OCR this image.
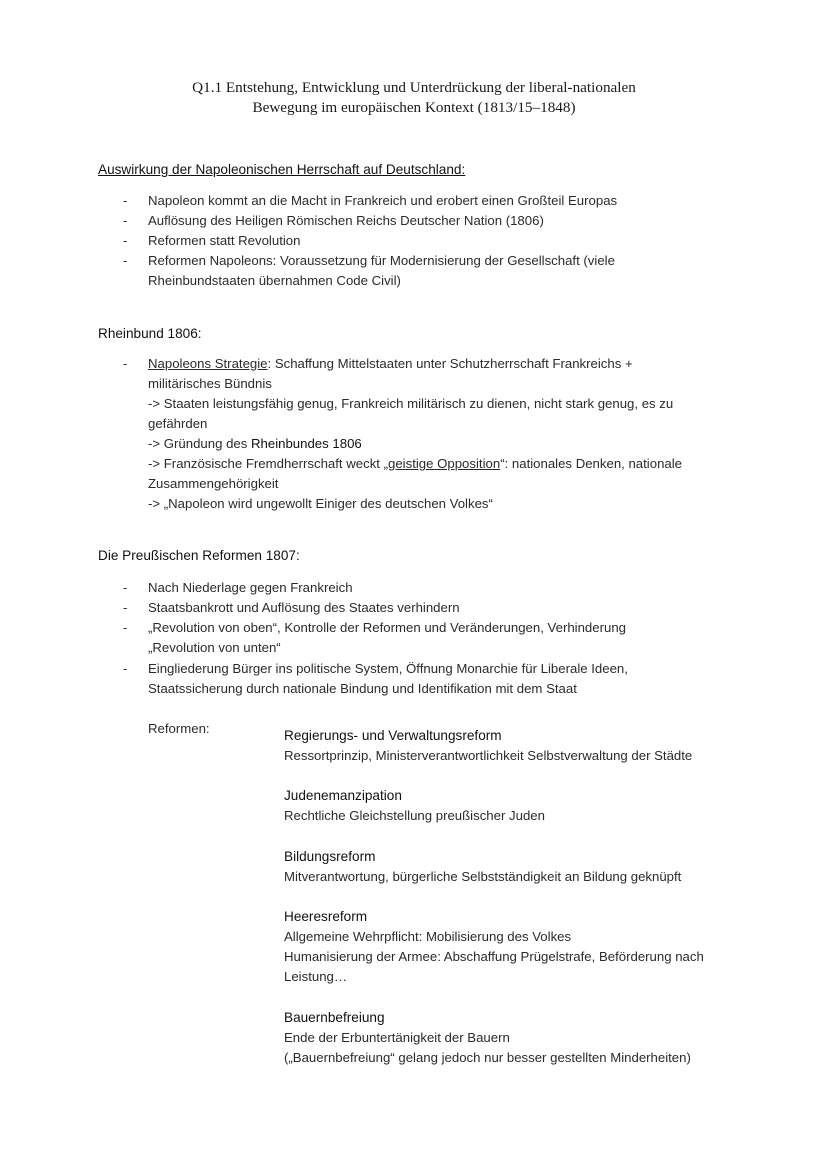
Q1.1 Entstehung, Entwicklung und Unterdrückung der liberal-nationalen
Bewegung im europäischen Kontext (1813/15–1848)
Auswirkung der Napoleonischen Herrschaft auf Deutschland:
- Napoleon kommt an die Macht in Frankreich und erobert einen Großteil Europas
- Auflösung des Heiligen Römischen Reichs Deutscher Nation (1806)
- Reformen statt Revolution
- Reformen Napoleons: Voraussetzung für Modernisierung der Gesellschaft (viele
Rheinbundstaaten übernahmen Code Civil)
Rheinbund 1806:
- Napoleons Strategie: Schaffung Mittelstaaten unter Schutzherrschaft Frankreichs +
militärisches Bündnis
-> Staaten leistungsfähig genug, Frankreich militärisch zu dienen, nicht stark genug, es zu
gefährden
-> Gründung des Rheinbundes 1806
-> Französische Fremdherrschaft weckt „geistige Opposition“: nationales Denken, nationale
Zusammengehörigkeit
-> „Napoleon wird ungewollt Einiger des deutschen Volkes“
Die Preußischen Reformen 1807:
- Nach Niederlage gegen Frankreich
- Staatsbankrott und Auflösung des Staates verhindern
- „Revolution von oben“, Kontrolle der Reformen und Veränderungen, Verhinderung
„Revolution von unten“
- Eingliederung Bürger ins politische System, Öffnung Monarchie für Liberale Ideen,
Staatssicherung durch nationale Bindung und Identifikation mit dem Staat
Reformen:	Regierungs- und Verwaltungsreform
Ressortprinzip, Ministerverantwortlichkeit Selbstverwaltung der Städte
Judenemanzipation
Rechtliche Gleichstellung preußischer Juden
Bildungsreform
Mitverantwortung, bürgerliche Selbstständigkeit an Bildung geknüpft
Heeresreform
Allgemeine Wehrpflicht: Mobilisierung des Volkes
Humanisierung der Armee: Abschaffung Prügelstrafe, Beförderung nach
Leistung…
Bauernbefreiung
Ende der Erbuntertänigkeit der Bauern
(„Bauernbefreiung“ gelang jedoch nur besser gestellten Minderheiten)
